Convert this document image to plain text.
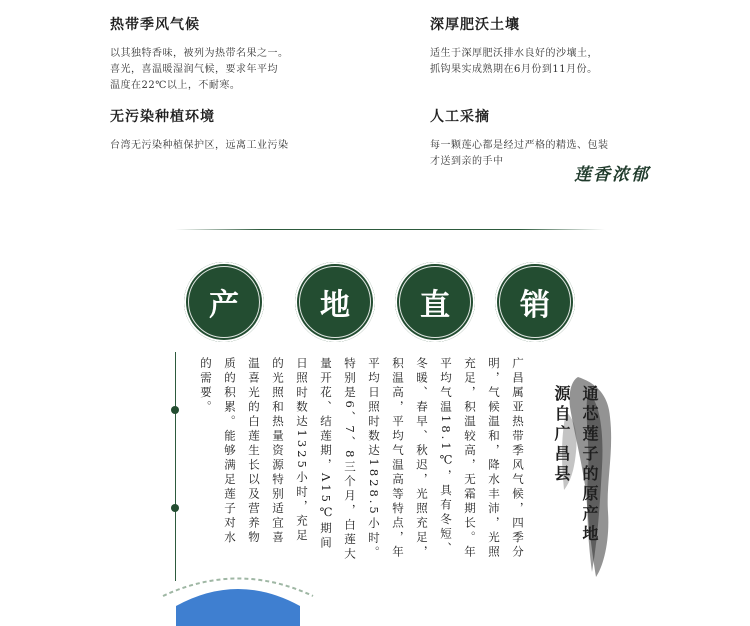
热带季风气候
以其独特香味，被列为热带名果之一。
喜光，喜温暖湿润气候，要求年平均
温度在22℃以上，不耐寒。
深厚肥沃土壤
适生于深厚肥沃排水良好的沙壤土，
抓钩果实成熟期在6月份到11月份。
无污染种植环境
台湾无污染种植保护区，远离工业污染
人工采摘
每一颗莲心都是经过严格的精选、包装
才送到亲的手中
莲香浓郁
产	地 直 销
广昌属亚热带季风气候，四季分
明，气候温和，降水丰沛，光照
充足，积温较高，无霜期长。年
平均气温18.1℃，具有冬短、
冬暖、春早、秋迟，光照充足，
积温高，平均气温高等特点，年
平均日照时数达1828.5小时。
特别是6、7、8三个月，白莲大
量开花、结莲期，Λ15℃期间
日照时数达1325小时，充足
的光照和热量资源特别适宜喜
温喜光的白莲生长以及营养物
质的积累。能够满足莲子对水
的需要。	通芯莲子的原产地
源自广昌县
